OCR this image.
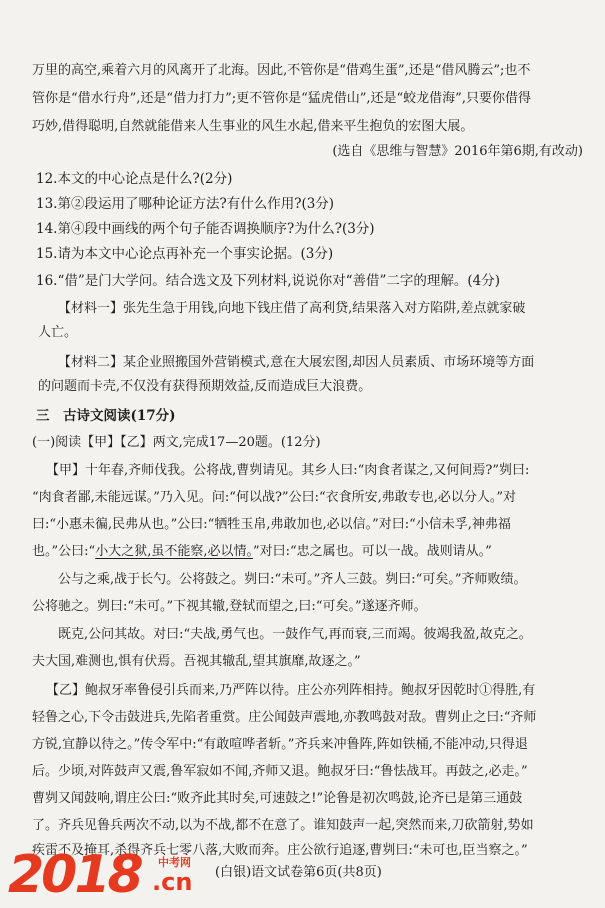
万里的高空,乘着六月的风离开了北海。因此,不管你是“借鸡生蛋”,还是“借风腾云”;也不
管你是“借水行舟”,还是“借力打力”;更不管你是“猛虎借山”,还是“蛟龙借海”,只要你借得
巧妙,借得聪明,自然就能借来人生事业的风生水起,借来平生抱负的宏图大展。
(选自《思维与智慧》2016年第6期,有改动)
12.本文的中心论点是什么?(2分)
13.第②段运用了哪种论证方法?有什么作用?(3分)
14.第④段中画线的两个句子能否调换顺序?为什么?(3分)
15.请为本文中心论点再补充一个事实论据。(3分)
16.“借”是门大学问。结合选文及下列材料,说说你对“善借”二字的理解。(4分)
【材料一】张先生急于用钱,向地下钱庄借了高利贷,结果落入对方陷阱,差点就家破
人亡。
【材料二】某企业照搬国外营销模式,意在大展宏图,却因人员素质、市场环境等方面
的问题而卡壳,不仅没有获得预期效益,反而造成巨大浪费。
三　古诗文阅读(17分)
(一)阅读【甲】【乙】两文,完成17—20题。(12分)
【甲】十年春,齐师伐我。公将战,曹刿请见。其乡人曰:“肉食者谋之,又何间焉?”刿曰:
“肉食者鄙,未能远谋。”乃入见。问:“何以战?”公曰:“衣食所安,弗敢专也,必以分人。”对
曰:“小惠未徧,民弗从也。”公曰:“牺牲玉帛,弗敢加也,必以信。”对曰:“小信未孚,神弗福
也。”公曰:“小大之狱,虽不能察,必以情。”对曰:“忠之属也。可以一战。战则请从。”
公与之乘,战于长勺。公将鼓之。刿曰:“未可。”齐人三鼓。刿曰:“可矣。”齐师败绩。
公将驰之。刿曰:“未可。”下视其辙,登轼而望之,曰:“可矣。”遂逐齐师。
既克,公问其故。对曰:“夫战,勇气也。一鼓作气,再而衰,三而竭。彼竭我盈,故克之。
夫大国,难测也,惧有伏焉。吾视其辙乱,望其旗靡,故逐之。”
【乙】鲍叔牙率鲁侵引兵而来,乃严阵以待。庄公亦列阵相持。鲍叔牙因乾时①得胜,有
轻鲁之心,下令击鼓进兵,先陷者重赏。庄公闻鼓声震地,亦教鸣鼓对敌。曹刿止之曰:“齐师
方锐,宜静以待之。”传令军中:“有敢喧哗者斩。”齐兵来冲鲁阵,阵如铁桶,不能冲动,只得退
后。少顷,对阵鼓声又震,鲁军寂如不闻,齐师又退。鲍叔牙曰:“鲁怯战耳。再鼓之,必走。”
曹刿又闻鼓响,谓庄公曰:“败齐此其时矣,可速鼓之!”论鲁是初次鸣鼓,论齐已是第三通鼓
了。齐兵见鲁兵两次不动,以为不战,都不在意了。谁知鼓声一起,突然而来,刀砍箭射,势如
疾雷不及掩耳,杀得齐兵七零八落,大败而奔。庄公欲行追逐,曹刿曰:“未可也,臣当察之。”
2018 中考网
.cn (白银)语文试卷第6页(共8页)
